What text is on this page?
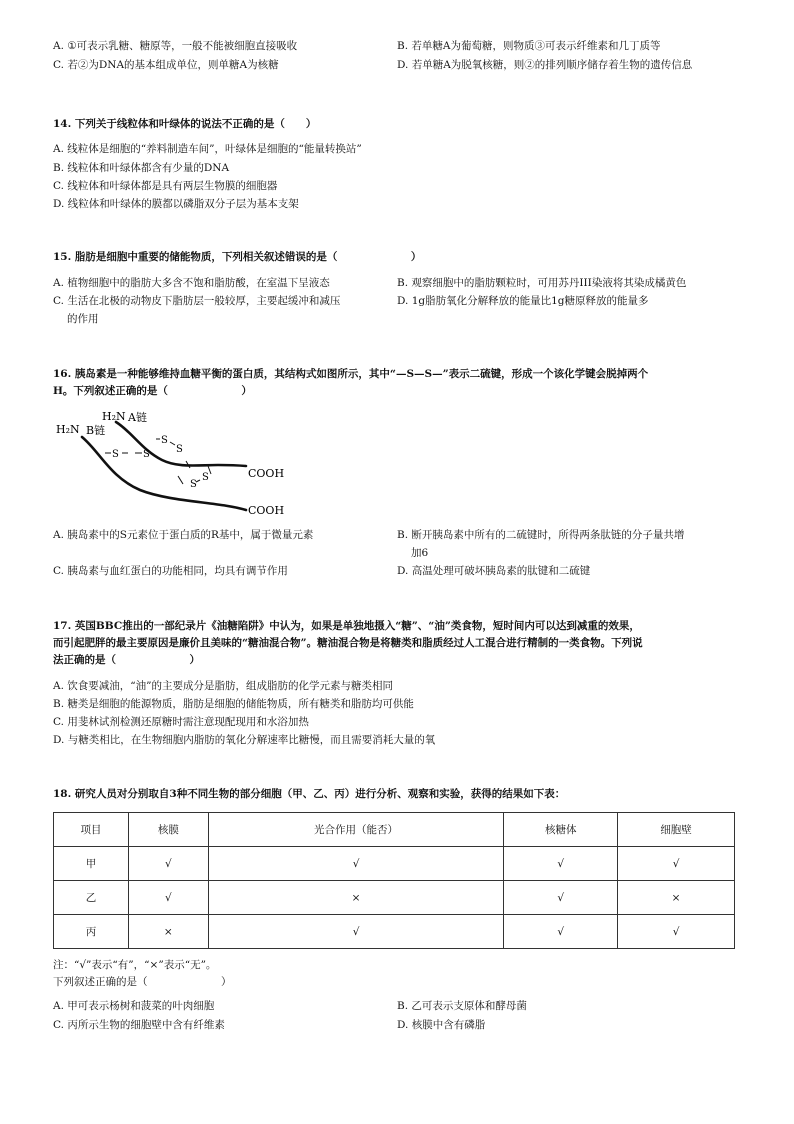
A. ①可表示乳糖、糖原等，一般不能被细胞直接吸收	B. 若单糖A为葡萄糖，则物质③可表示纤维素和几丁质等
C. 若②为DNA的基本组成单位，则单糖A为核糖	D. 若单糖A为脱氧核糖，则②的排列顺序储存着生物的遗传信息
14. 下列关于线粒体和叶绿体的说法不正确的是（　　）
A. 线粒体是细胞的“养料制造车间”，叶绿体是细胞的“能量转换站”
B. 线粒体和叶绿体都含有少量的DNA
C. 线粒体和叶绿体都是具有两层生物膜的细胞器
D. 线粒体和叶绿体的膜都以磷脂双分子层为基本支架
15. 脂肪是细胞中重要的储能物质，下列相关叙述错误的是（　　　　　　　）
A. 植物细胞中的脂肪大多含不饱和脂肪酸，在室温下呈液态	B. 观察细胞中的脂肪颗粒时，可用苏丹III染液将其染成橘黄色
C. 生活在北极的动物皮下脂肪层一般较厚，主要起缓冲和减压
的作用
D. 1g脂肪氧化分解释放的能量比1g糖原释放的能量多
16. 胰岛素是一种能够维持血糖平衡的蛋白质，其结构式如图所示，其中“—S—S—”表示二硫键，形成一个该化学键会脱掉两个
H。下列叙述正确的是（　　　　　　　）
H₂N A链
H₂N B链
S S
S
S
S
S	COOH
COOH
A. 胰岛素中的S元素位于蛋白质的R基中，属于微量元素	B. 断开胰岛素中所有的二硫键时，所得两条肽链的分子量共增
加6
C. 胰岛素与血红蛋白的功能相同，均具有调节作用	D. 高温处理可破坏胰岛素的肽键和二硫键
17. 英国BBC推出的一部纪录片《油糖陷阱》中认为，如果是单独地摄入“糖”、“油”类食物，短时间内可以达到减重的效果，
而引起肥胖的最主要原因是廉价且美味的“糖油混合物”。糖油混合物是将糖类和脂质经过人工混合进行精制的一类食物。下列说
法正确的是（　　　　　　　）
A. 饮食要减油，“油”的主要成分是脂肪，组成脂肪的化学元素与糖类相同
B. 糖类是细胞的能源物质，脂肪是细胞的储能物质，所有糖类和脂肪均可供能
C. 用斐林试剂检测还原糖时需注意现配现用和水浴加热
D. 与糖类相比，在生物细胞内脂肪的氧化分解速率比糖慢，而且需要消耗大量的氧
18. 研究人员对分别取自3种不同生物的部分细胞（甲、乙、丙）进行分析、观察和实验，获得的结果如下表：
项目	核膜	光合作用（能否）	核糖体	细胞壁
甲	√	√	√	√
乙	√	×	√	×
丙	×	√	√	√
注：“√”表示“有”，“×”表示“无”。
下列叙述正确的是（　　　　　　　）
A. 甲可表示杨树和菠菜的叶肉细胞	B. 乙可表示支原体和酵母菌
C. 丙所示生物的细胞壁中含有纤维素	D. 核膜中含有磷脂
